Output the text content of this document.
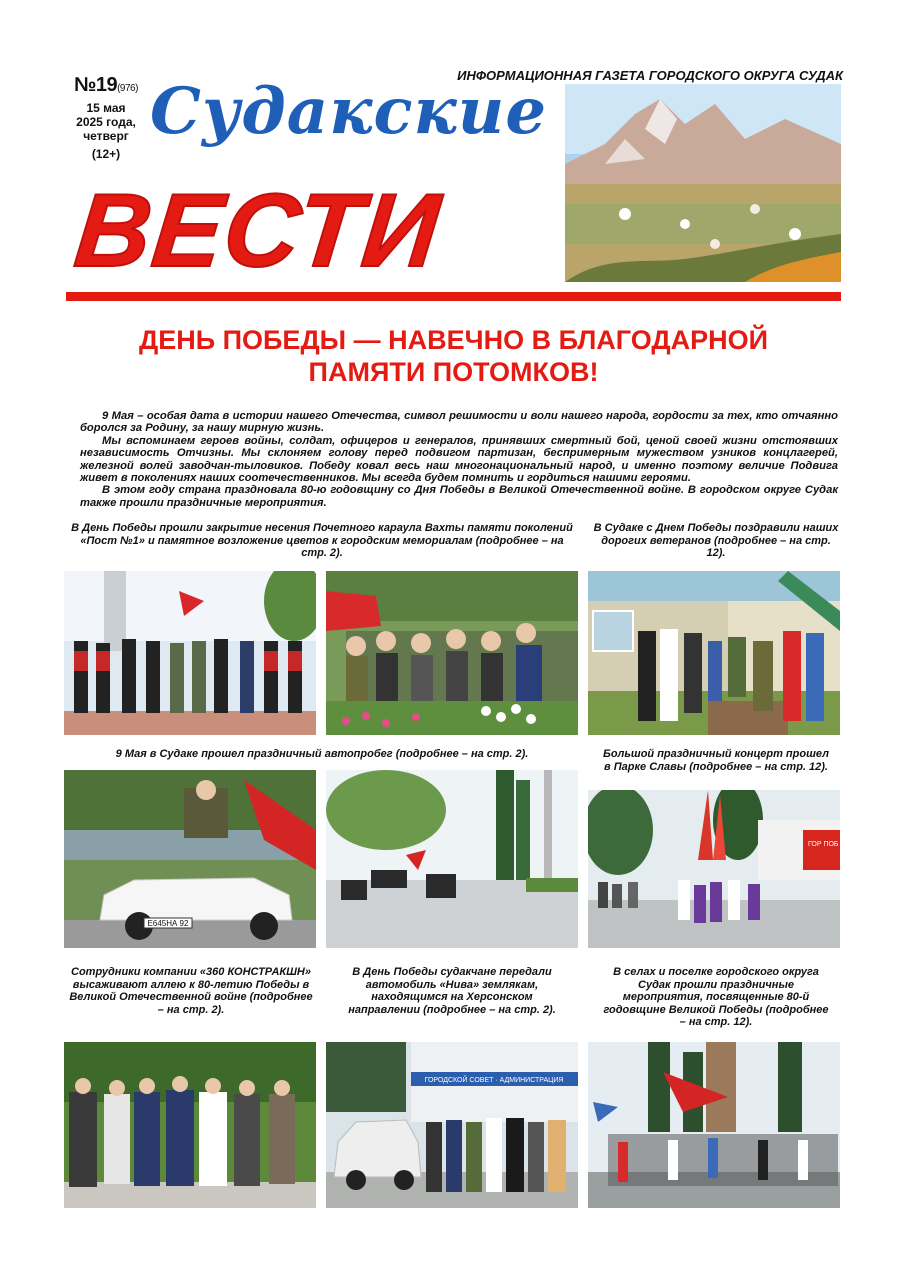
№19(976)
15 мая
2025 года,
четверг
(12+)
ИНФОРМАЦИОННАЯ ГАЗЕТА ГОРОДСКОГО ОКРУГА СУДАК
Судакские
ВЕСТИ
ДЕНЬ ПОБЕДЫ — НАВЕЧНО В БЛАГОДАРНОЙ
ПАМЯТИ ПОТОМКОВ!

9 Мая – особая дата в истории нашего Отечества, символ решимости и воли нашего народа, гордости за тех, кто отчаянно боролся за Родину, за нашу мирную жизнь.

Мы вспоминаем героев войны, солдат, офицеров и генералов, принявших смертный бой, ценой своей жизни отстоявших независимость Отчизны. Мы склоняем голову перед подвигом партизан, беспримерным мужеством узников концлагерей, железной волей заводчан-тыловиков. Победу ковал весь наш многонациональный народ, и именно поэтому величие Подвига живет в поколениях наших соотечественников. Мы всегда будем помнить и гордиться нашими героями.

В этом году страна праздновала 80-ю годовщину со Дня Победы в Великой Отечественной войне. В городском округе Судак также прошли праздничные мероприятия.

В День Победы прошли закрытие несения Почетного караула Вахты памяти поколений «Пост №1» и памятное возложение цветов к городским мемориалам (подробнее – на стр. 2).
В Судаке с Днем Победы поздравили наших дорогих ветеранов (подробнее – на стр. 12).
9 Мая в Судаке прошел праздничный автопробег (подробнее – на стр. 2).	Большой праздничный концерт прошел в Парке Славы (подробнее – на стр. 12).
Е645НА 92
ГОР ПОБ
Сотрудники компании «360 КОНСТРАКШН» высаживают аллею к 80-летию Победы в Великой Отечественной войне (подробнее – на стр. 2).
В День Победы судакчане передали автомобиль «Нива» землякам, находящимся на Херсонском направлении (подробнее – на стр. 2).
В селах и поселке городского округа Судак прошли праздничные мероприятия, посвященные 80-й годовщине Великой Победы (подробнее – на стр. 12).
ГОРОДСКОЙ СОВЕТ · АДМИНИСТРАЦИЯ
